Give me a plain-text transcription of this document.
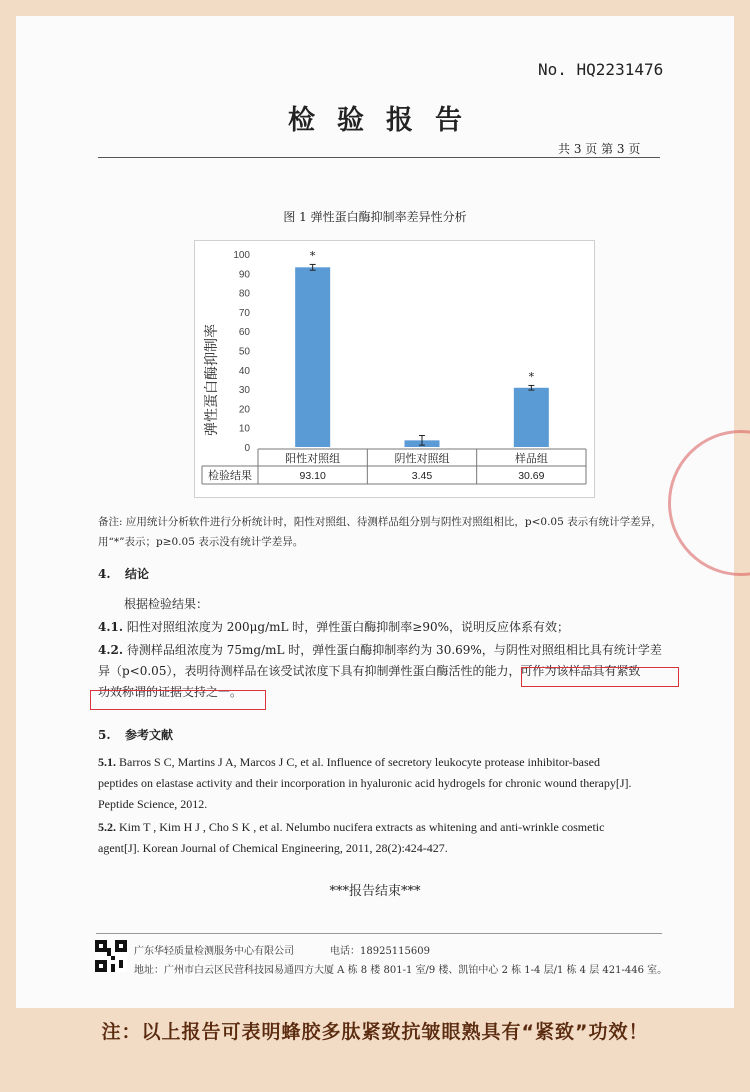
No. HQ2231476
检验报告
共 3 页 第 3 页
图 1 弹性蛋白酶抑制率差异性分析
弹性蛋白酶抑制率
0
10
20
30
40
50
60
70
80
90
100	*
*
检验结果
阳性对照组
93.10
阴性对照组
3.45
样品组
30.69
备注: 应用统计分析软件进行分析统计时，阳性对照组、待测样品组分别与阴性对照组相比，p<0.05 表示有统计学差异，
用“*”表示；p≥0.05 表示没有统计学差异。
4. 结论
根据检验结果：
4.1. 阳性对照组浓度为 200μg/mL 时，弹性蛋白酶抑制率≥90%，说明反应体系有效；
4.2. 待测样品组浓度为 75mg/mL 时，弹性蛋白酶抑制率约为 30.69%，与阴性对照组相比具有统计学差
异（p<0.05），表明待测样品在该受试浓度下具有抑制弹性蛋白酶活性的能力，可作为该样品具有紧致
功效称谓的证据支持之一。
5. 参考文献
5.1. Barros S C, Martins J A, Marcos J C, et al. Influence of secretory leukocyte protease inhibitor-based
peptides on elastase activity and their incorporation in hyaluronic acid hydrogels for chronic wound therapy[J].
Peptide Science, 2012.
5.2. Kim T , Kim H J , Cho S K , et al. Nelumbo nucifera extracts as whitening and anti-wrinkle cosmetic
agent[J]. Korean Journal of Chemical Engineering, 2011, 28(2):424-427.
***报告结束***
广东华轻质量检测服务中心有限公司	电话：18925115609
地址：广州市白云区民营科技园易通四方大厦 A 栋 8 楼 801-1 室/9 楼、凯铂中心 2 栋 1-4 层/1 栋 4 层 421-446 室。
注：以上报告可表明蜂胶多肽紧致抗皱眼熟具有“紧致”功效！
